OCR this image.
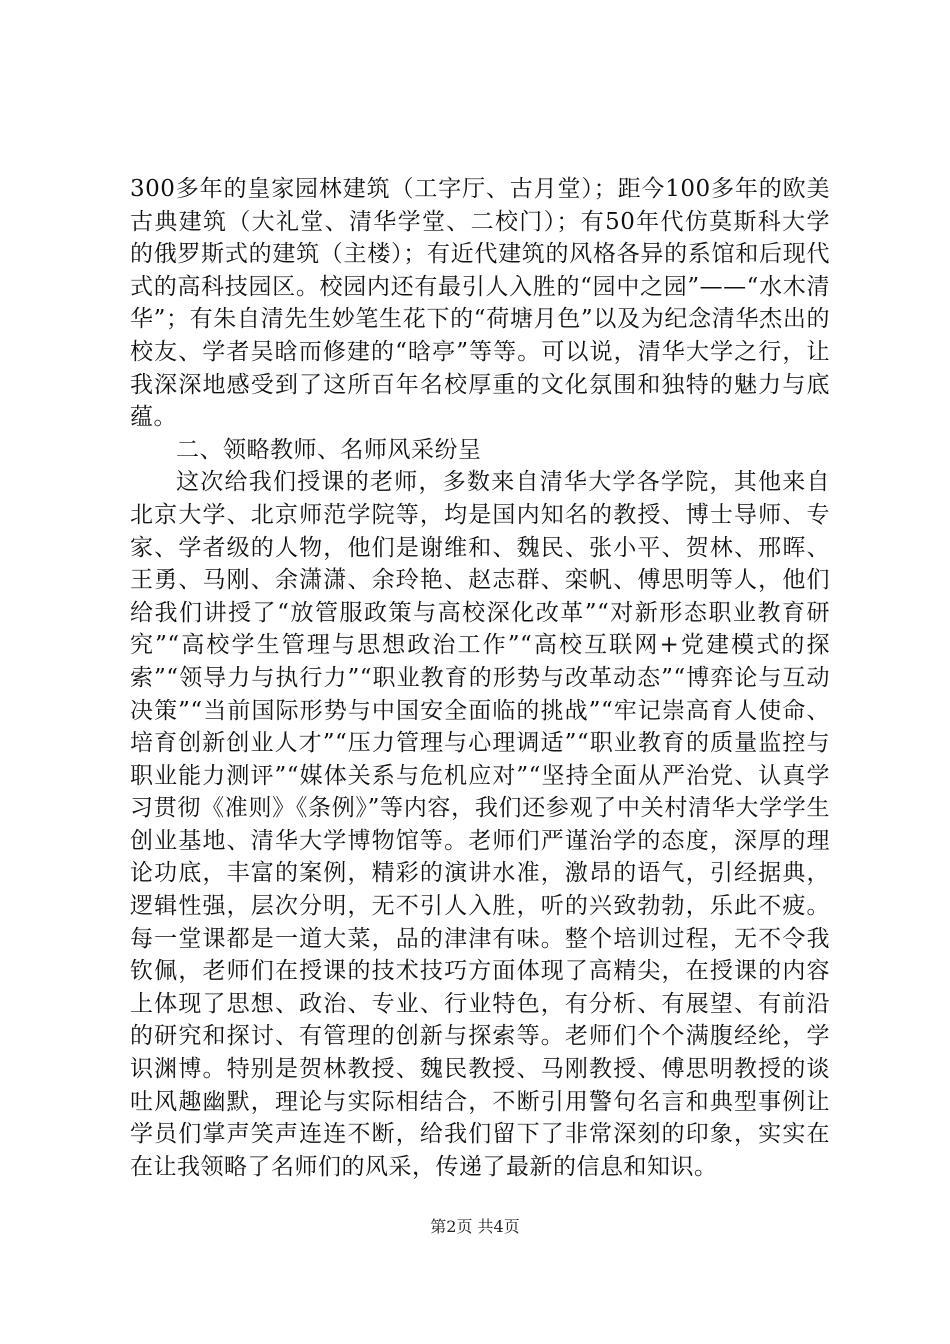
300多年的皇家园林建筑（工字厅、古月堂）；距今100多年的欧美古典建筑（大礼堂、清华学堂、二校门）；有50年代仿莫斯科大学的俄罗斯式的建筑（主楼）；有近代建筑的风格各异的系馆和后现代式的高科技园区。校园内还有最引人入胜的“园中之园”——“水木清华”；有朱自清先生妙笔生花下的“荷塘月色”以及为纪念清华杰出的校友、学者吴晗而修建的“晗亭”等等。可以说，清华大学之行，让我深深地感受到了这所百年名校厚重的文化氛围和独特的魅力与底蕴。

二、领略教师、名师风采纷呈

这次给我们授课的老师，多数来自清华大学各学院，其他来自北京大学、北京师范学院等，均是国内知名的教授、博士导师、专家、学者级的人物，他们是谢维和、魏民、张小平、贺林、邢晖、王勇、马刚、余潇潇、余玲艳、赵志群、栾帆、傅思明等人，他们给我们讲授了“放管服政策与高校深化改革”“对新形态职业教育研究”“高校学生管理与思想政治工作”“高校互联网+党建模式的探索”“领导力与执行力”“职业教育的形势与改革动态”“博弈论与互动决策”“当前国际形势与中国安全面临的挑战”“牢记崇高育人使命、培育创新创业人才”“压力管理与心理调适”“职业教育的质量监控与职业能力测评”“媒体关系与危机应对”“坚持全面从严治党、认真学习贯彻《准则》《条例》”等内容，我们还参观了中关村清华大学学生创业基地、清华大学博物馆等。老师们严谨治学的态度，深厚的理论功底，丰富的案例，精彩的演讲水准，激昂的语气，引经据典，逻辑性强，层次分明，无不引人入胜，听的兴致勃勃，乐此不疲。每一堂课都是一道大菜，品的津津有味。整个培训过程，无不令我钦佩，老师们在授课的技术技巧方面体现了高精尖，在授课的内容上体现了思想、政治、专业、行业特色，有分析、有展望、有前沿的研究和探讨、有管理的创新与探索等。老师们个个满腹经纶，学识渊博。特别是贺林教授、魏民教授、马刚教授、傅思明教授的谈吐风趣幽默，理论与实际相结合，不断引用警句名言和典型事例让学员们掌声笑声连连不断，给我们留下了非常深刻的印象，实实在在让我领略了名师们的风采，传递了最新的信息和知识。

第2页 共4页
